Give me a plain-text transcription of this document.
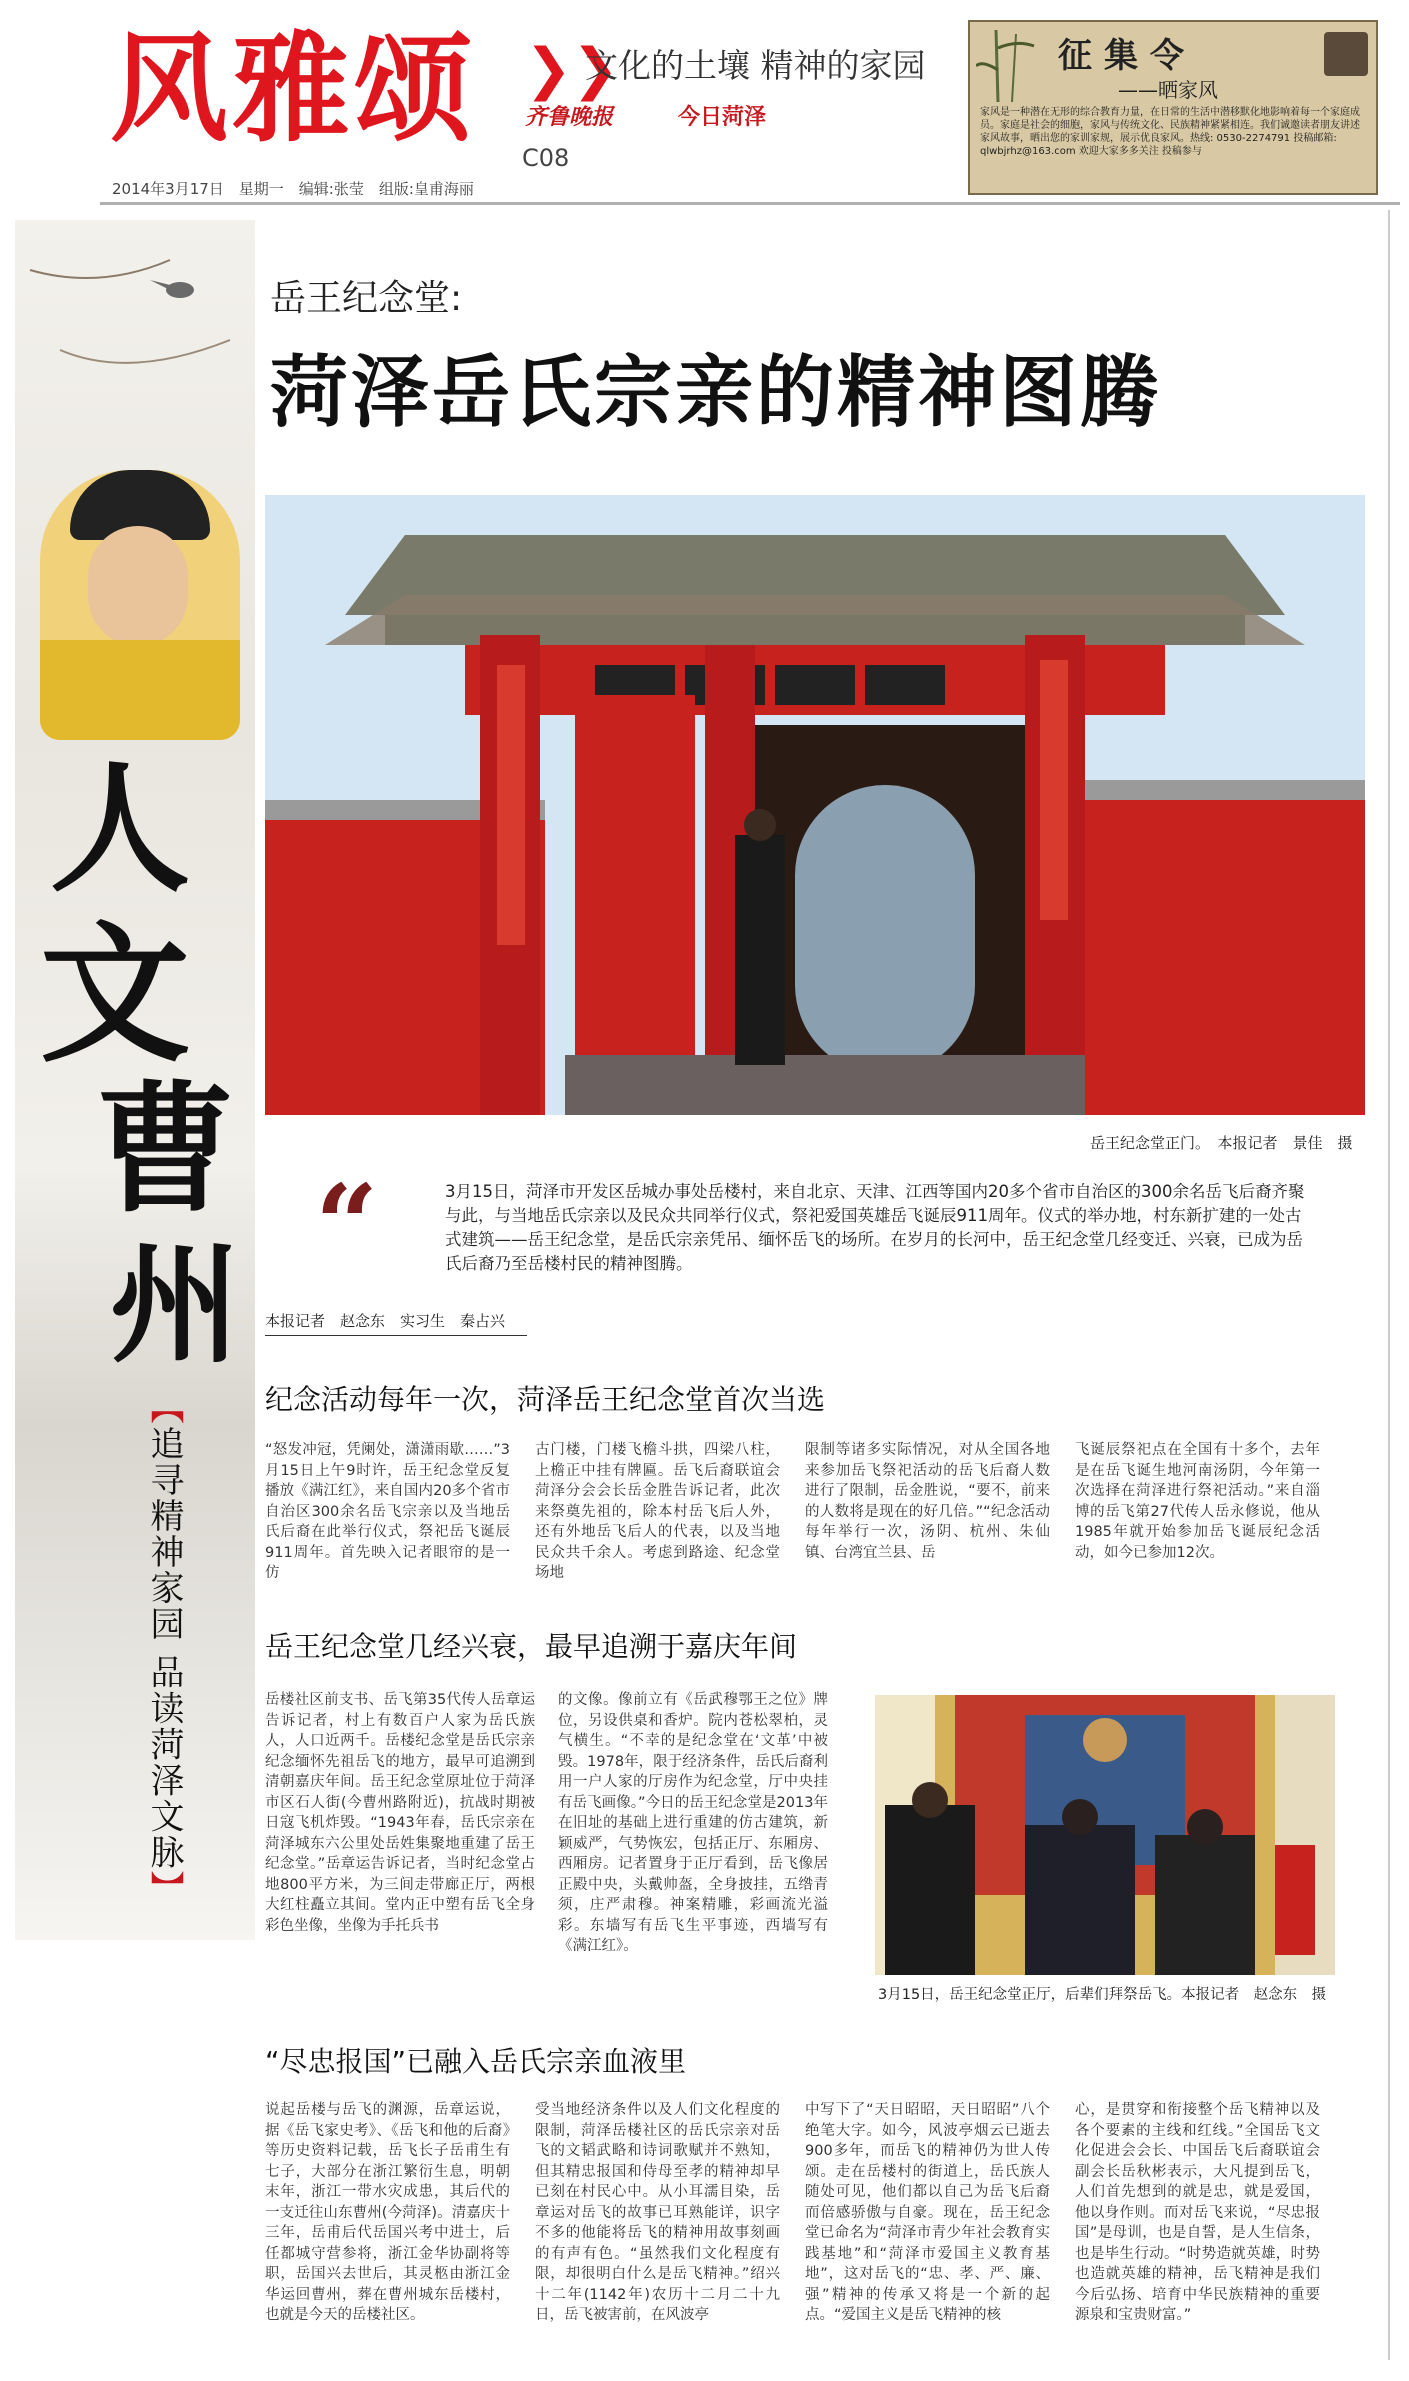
风雅颂 ❯❯
文化的土壤 精神的家园
齐鲁晚报	今日菏泽
C08
2014年3月17日　星期一　编辑:张莹　组版:皇甫海丽
征集令
——晒家风
家风是一种潜在无形的综合教育力量，在日常的生活中潜移默化地影响着每一个家庭成员。家庭是社会的细胞，家风与传统文化、民族精神紧紧相连。我们诚邀读者朋友讲述家风故事，晒出您的家训家规，展示优良家风。热线: 0530-2274791 投稿邮箱: qlwbjrhz@163.com 欢迎大家多多关注 投稿参与
人
文
曹
州
【追寻精神家园 品读菏泽文脉】
岳王纪念堂:
菏泽岳氏宗亲的精神图腾
岳王纪念堂正门。　本报记者　景佳　摄
“	3月15日，菏泽市开发区岳城办事处岳楼村，来自北京、天津、江西等国内20多个省市自治区的300余名岳飞后裔齐聚与此，与当地岳氏宗亲以及民众共同举行仪式，祭祀爱国英雄岳飞诞辰911周年。仪式的举办地，村东新扩建的一处古式建筑——岳王纪念堂，是岳氏宗亲凭吊、缅怀岳飞的场所。在岁月的长河中，岳王纪念堂几经变迁、兴衰，已成为岳氏后裔乃至岳楼村民的精神图腾。
本报记者　赵念东　实习生　秦占兴
纪念活动每年一次，菏泽岳王纪念堂首次当选
“怒发冲冠，凭阑处，潇潇雨歇……”3月15日上午9时许，岳王纪念堂反复播放《满江红》，来自国内20多个省市自治区300余名岳飞宗亲以及当地岳氏后裔在此举行仪式，祭祀岳飞诞辰911周年。首先映入记者眼帘的是一仿
古门楼，门楼飞檐斗拱，四梁八柱，上檐正中挂有牌匾。岳飞后裔联谊会菏泽分会会长岳金胜告诉记者，此次来祭奠先祖的，除本村岳飞后人外，还有外地岳飞后人的代表，以及当地民众共千余人。考虑到路途、纪念堂场地
限制等诸多实际情况，对从全国各地来参加岳飞祭祀活动的岳飞后裔人数进行了限制，岳金胜说，“要不，前来的人数将是现在的好几倍。”“纪念活动每年举行一次，汤阴、杭州、朱仙镇、台湾宜兰县、岳
飞诞辰祭祀点在全国有十多个，去年是在岳飞诞生地河南汤阴，今年第一次选择在菏泽进行祭祀活动。”来自淄博的岳飞第27代传人岳永修说，他从1985年就开始参加岳飞诞辰纪念活动，如今已参加12次。
岳王纪念堂几经兴衰，最早追溯于嘉庆年间
岳楼社区前支书、岳飞第35代传人岳章运告诉记者，村上有数百户人家为岳氏族人，人口近两千。岳楼纪念堂是岳氏宗亲纪念缅怀先祖岳飞的地方，最早可追溯到清朝嘉庆年间。岳王纪念堂原址位于菏泽市区石人街(今曹州路附近)，抗战时期被日寇飞机炸毁。“1943年春，岳氏宗亲在菏泽城东六公里处岳姓集聚地重建了岳王纪念堂。”岳章运告诉记者，当时纪念堂占地800平方米，为三间走带廊正厅，两根大红柱矗立其间。堂内正中塑有岳飞全身彩色坐像，坐像为手托兵书
的文像。像前立有《岳武穆鄂王之位》牌位，另设供桌和香炉。院内苍松翠柏，灵气横生。“不幸的是纪念堂在‘文革’中被毁。1978年，限于经济条件，岳氏后裔利用一户人家的厅房作为纪念堂，厅中央挂有岳飞画像。”今日的岳王纪念堂是2013年在旧址的基础上进行重建的仿古建筑，新颖威严，气势恢宏，包括正厅、东厢房、西厢房。记者置身于正厅看到，岳飞像居正殿中央，头戴帅盔，全身披挂，五绺青须，庄严肃穆。神案精雕，彩画流光溢彩。东墙写有岳飞生平事迹，西墙写有《满江红》。
3月15日，岳王纪念堂正厅，后辈们拜祭岳飞。本报记者　赵念东　摄
“尽忠报国”已融入岳氏宗亲血液里
说起岳楼与岳飞的渊源，岳章运说，据《岳飞家史考》、《岳飞和他的后裔》等历史资料记载，岳飞长子岳甫生有七子，大部分在浙江繁衍生息，明朝末年，浙江一带水灾成患，其后代的一支迁往山东曹州(今菏泽)。清嘉庆十三年，岳甫后代岳国兴考中进士，后任都城守营参将，浙江金华协副将等职，岳国兴去世后，其灵柩由浙江金华运回曹州，葬在曹州城东岳楼村，也就是今天的岳楼社区。
受当地经济条件以及人们文化程度的限制，菏泽岳楼社区的岳氏宗亲对岳飞的文韬武略和诗词歌赋并不熟知，但其精忠报国和侍母至孝的精神却早已刻在村民心中。从小耳濡目染，岳章运对岳飞的故事已耳熟能详，识字不多的他能将岳飞的精神用故事刻画的有声有色。“虽然我们文化程度有限，却很明白什么是岳飞精神。”绍兴十二年(1142年)农历十二月二十九日，岳飞被害前，在风波亭
中写下了“天日昭昭，天日昭昭”八个绝笔大字。如今，风波亭烟云已逝去900多年，而岳飞的精神仍为世人传颂。走在岳楼村的街道上，岳氏族人随处可见，他们都以自己为岳飞后裔而倍感骄傲与自豪。现在，岳王纪念堂已命名为“菏泽市青少年社会教育实践基地”和“菏泽市爱国主义教育基地”，这对岳飞的“忠、孝、严、廉、强”精神的传承又将是一个新的起点。“爱国主义是岳飞精神的核
心，是贯穿和衔接整个岳飞精神以及各个要素的主线和红线。”全国岳飞文化促进会会长、中国岳飞后裔联谊会副会长岳秋彬表示，大凡提到岳飞，人们首先想到的就是忠，就是爱国，他以身作则。而对岳飞来说，“尽忠报国”是母训，也是自誓，是人生信条，也是毕生行动。“时势造就英雄，时势也造就英雄的精神，岳飞精神是我们今后弘扬、培育中华民族精神的重要源泉和宝贵财富。”
